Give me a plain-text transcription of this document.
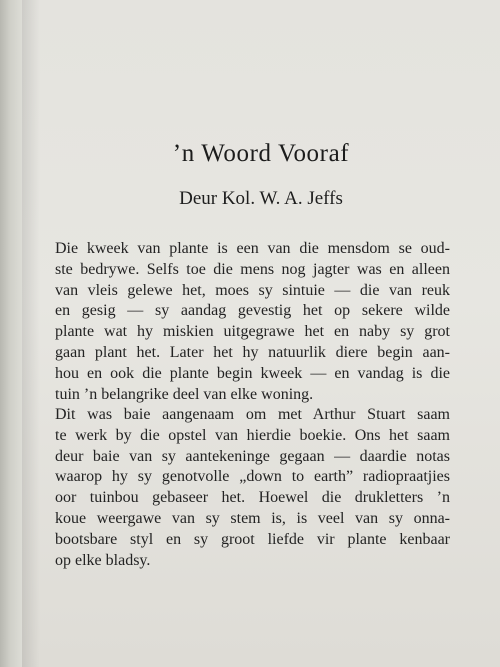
’n Woord Vooraf

Deur Kol. W. A. Jeffs

Die kweek van plante is een van die mensdom se oud-
ste bedrywe. Selfs toe die mens nog jagter was en alleen
van vleis gelewe het, moes sy sintuie — die van reuk
en gesig — sy aandag gevestig het op sekere wilde
plante wat hy miskien uitgegrawe het en naby sy grot
gaan plant het. Later het hy natuurlik diere begin aan-
hou en ook die plante begin kweek — en vandag is die
tuin ’n belangrike deel van elke woning.

Dit was baie aangenaam om met Arthur Stuart saam
te werk by die opstel van hierdie boekie. Ons het saam
deur baie van sy aantekeninge gegaan — daardie notas
waarop hy sy genotvolle „down to earth” radiopraatjies
oor tuinbou gebaseer het. Hoewel die drukletters ’n
koue weergawe van sy stem is, is veel van sy onna-
bootsbare styl en sy groot liefde vir plante kenbaar
op elke bladsy.
